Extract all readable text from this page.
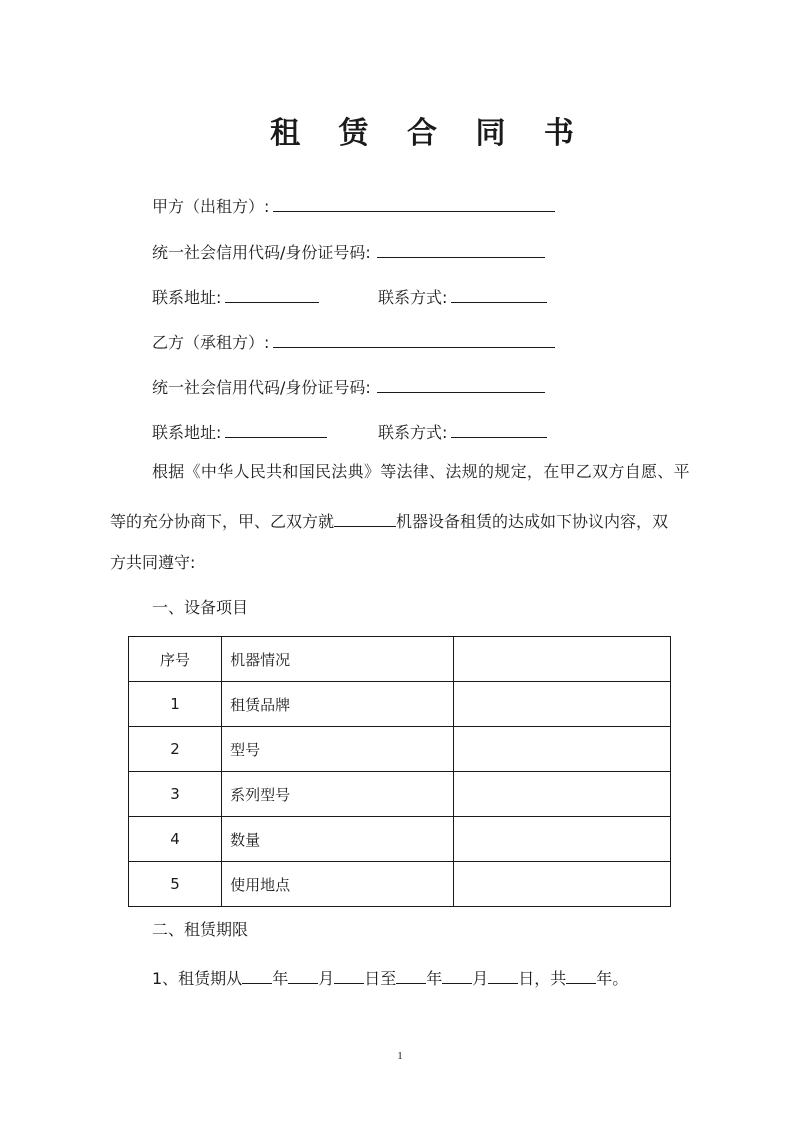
租 赁 合 同 书
甲方（出租方）:
统一社会信用代码/身份证号码:
联系地址:	联系方式:
乙方（承租方）:
统一社会信用代码/身份证号码:
联系地址:	联系方式:
根据《中华人民共和国民法典》等法律、法规的规定，在甲乙双方自愿、平
等的充分协商下，甲、乙双方就	机器设备租赁的达成如下协议内容，双
方共同遵守:
一、设备项目
序号	机器情况	
1	租赁品牌	
2	型号	
3	系列型号	
4	数量	
5	使用地点	
二、租赁期限
1、租赁期从 年 月 日至 年 月 日，共 年。
1
